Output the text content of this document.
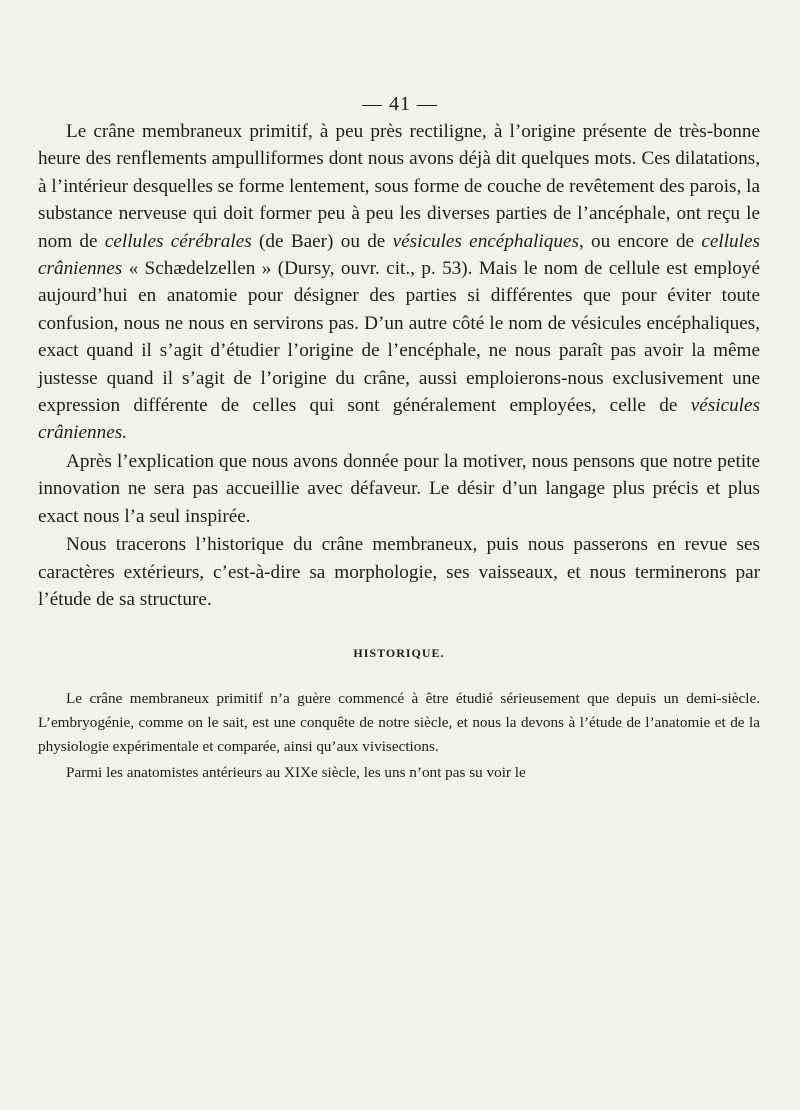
— 41 —

Le crâne membraneux primitif, à peu près rectiligne, à l’origine présente de très-bonne heure des renflements ampulliformes dont nous avons déjà dit quelques mots. Ces dilatations, à l’intérieur desquelles se forme lentement, sous forme de couche de revêtement des parois, la substance nerveuse qui doit former peu à peu les diverses parties de l’ancéphale, ont reçu le nom de cellules cérébrales (de Baer) ou de vésicules encéphaliques, ou encore de cellules crâniennes « Schædelzellen » (Dursy, ouvr. cit., p. 53). Mais le nom de cellule est employé aujourd’hui en anatomie pour désigner des parties si différentes que pour éviter toute confusion, nous ne nous en servirons pas. D’un autre côté le nom de vésicules encéphaliques, exact quand il s’agit d’étudier l’origine de l’encéphale, ne nous paraît pas avoir la même justesse quand il s’agit de l’origine du crâne, aussi emploierons-nous exclusivement une expression différente de celles qui sont généralement employées, celle de vésicules crâniennes.

Après l’explication que nous avons donnée pour la motiver, nous pensons que notre petite innovation ne sera pas accueillie avec défaveur. Le désir d’un langage plus précis et plus exact nous l’a seul inspirée.

Nous tracerons l’historique du crâne membraneux, puis nous passerons en revue ses caractères extérieurs, c’est-à-dire sa morphologie, ses vaisseaux, et nous terminerons par l’étude de sa structure.

HISTORIQUE.

Le crâne membraneux primitif n’a guère commencé à être étudié sérieusement que depuis un demi-siècle. L’embryogénie, comme on le sait, est une conquête de notre siècle, et nous la devons à l’étude de l’anatomie et de la physiologie expérimentale et comparée, ainsi qu’aux vivisections.

Parmi les anatomistes antérieurs au XIXe siècle, les uns n’ont pas su voir le
